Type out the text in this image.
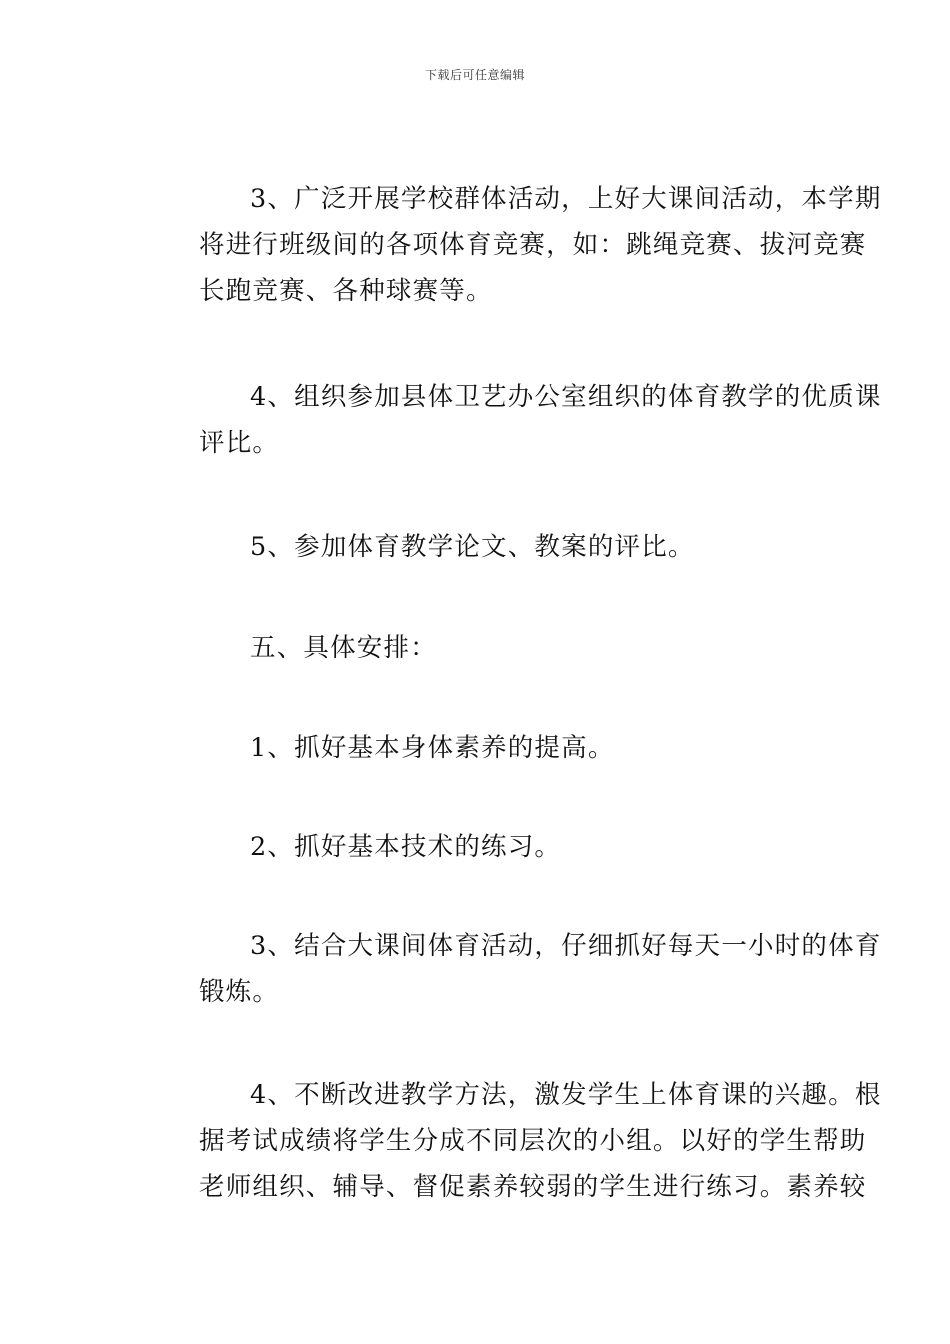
下载后可任意编辑
3、广泛开展学校群体活动，上好大课间活动，本学期
将进行班级间的各项体育竞赛，如：跳绳竞赛、拔河竞赛
长跑竞赛、各种球赛等。
4、组织参加县体卫艺办公室组织的体育教学的优质课
评比。
5、参加体育教学论文、教案的评比。
五、具体安排：
1、抓好基本身体素养的提高。
2、抓好基本技术的练习。
3、结合大课间体育活动，仔细抓好每天一小时的体育
锻炼。
4、不断改进教学方法，激发学生上体育课的兴趣。根
据考试成绩将学生分成不同层次的小组。以好的学生帮助
老师组织、辅导、督促素养较弱的学生进行练习。素养较
